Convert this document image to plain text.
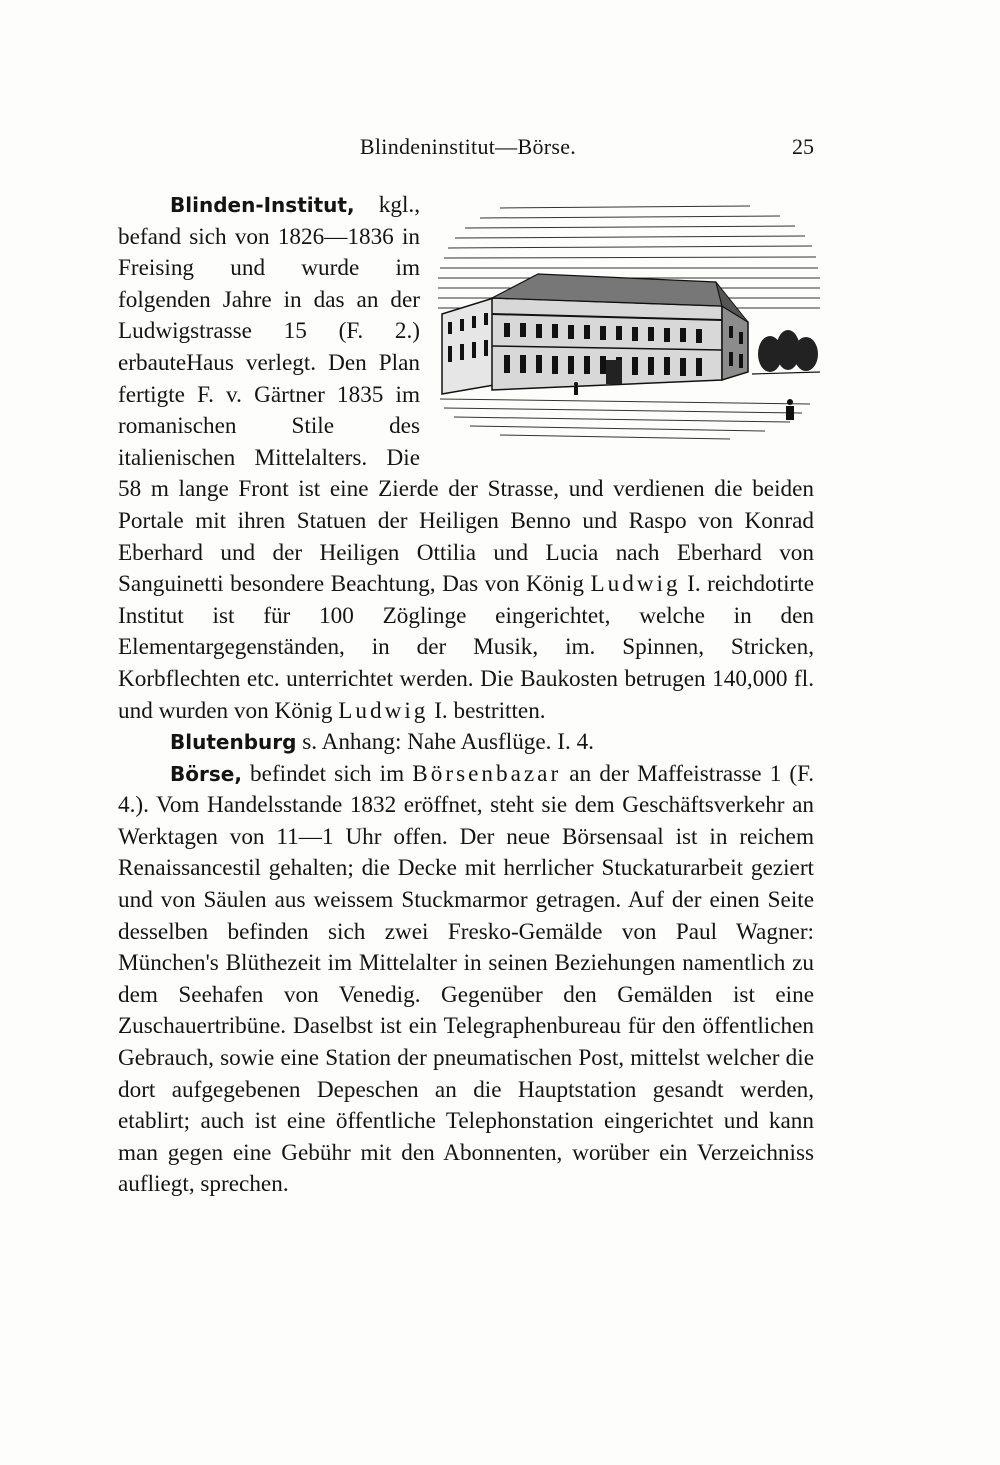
Blindeninstitut—Börse.	25

Blinden-Institut, kgl., befand sich von 1826—1836 in Freising und wurde im folgenden Jahre in das an der Ludwigstrasse 15 (F. 2.) erbauteHaus verlegt. Den Plan fertigte F. v. Gärtner 1835 im romanischen Stile des italienischen Mittelalters. Die 58 m lange Front ist eine Zierde der Strasse, und verdienen die beiden Portale mit ihren Statuen der Heiligen Benno und Raspo von Konrad Eberhard und der Heiligen Ottilia und Lucia nach Eberhard von Sanguinetti besondere Beachtung, Das von König Ludwig I. reichdotirte Institut ist für 100 Zöglinge eingerichtet, welche in den Elementargegenständen, in der Musik, im. Spinnen, Stricken, Korbflechten etc. unterrichtet werden. Die Baukosten betrugen 140,000 fl. und wurden von König Ludwig I. bestritten.

Blutenburg s. Anhang: Nahe Ausflüge. I. 4.

Börse, befindet sich im Börsenbazar an der Maffeistrasse 1 (F. 4.). Vom Handelsstande 1832 eröffnet, steht sie dem Geschäftsverkehr an Werktagen von 11—1 Uhr offen. Der neue Börsensaal ist in reichem Renaissancestil gehalten; die Decke mit herrlicher Stuckaturarbeit geziert und von Säulen aus weissem Stuckmarmor getragen. Auf der einen Seite desselben befinden sich zwei Fresko-Gemälde von Paul Wagner: München's Blüthezeit im Mittelalter in seinen Beziehungen namentlich zu dem Seehafen von Venedig. Gegenüber den Gemälden ist eine Zuschauertribüne. Daselbst ist ein Telegraphenbureau für den öffentlichen Gebrauch, sowie eine Station der pneumatischen Post, mittelst welcher die dort aufgegebenen Depeschen an die Hauptstation gesandt werden, etablirt; auch ist eine öffentliche Telephonstation eingerichtet und kann man gegen eine Gebühr mit den Abonnenten, worüber ein Verzeichniss aufliegt, sprechen.
